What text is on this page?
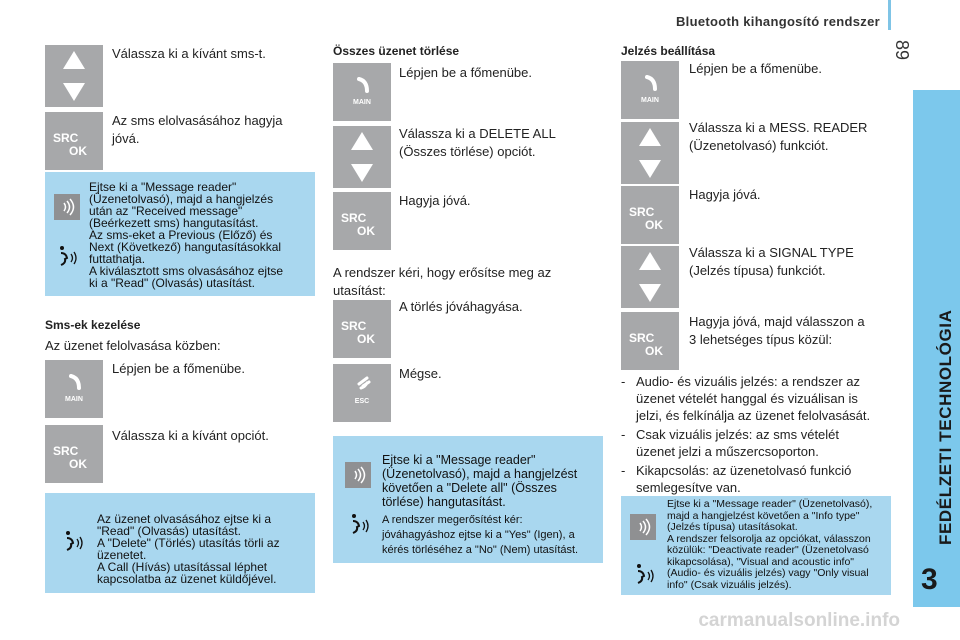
Bluetooth kihangosító rendszer
89
FEDÉLZETI TECHNOLÓGIA
3
Válassza ki a kívánt sms-t.
SRC
OK
Az sms elolvasásához hagyja
jóvá.
Ejtse ki a "Message reader"
(Üzenetolvasó), majd a hangjelzés
után az "Received message"
(Beérkezett sms) hangutasítást.
Az sms-eket a Previous (Előző) és
Next (Következő) hangutasításokkal
futtathatja.
A kiválasztott sms olvasásához ejtse
ki a "Read" (Olvasás) utasítást.
Sms-ek kezelése
Az üzenet felolvasása közben:
MAIN
Lépjen be a főmenübe.
SRC
OK
Válassza ki a kívánt opciót.
Az üzenet olvasásához ejtse ki a
"Read" (Olvasás) utasítást.
A "Delete" (Törlés) utasítás törli az
üzenetet.
A Call (Hívás) utasítással léphet
kapcsolatba az üzenet küldőjével.
Összes üzenet törlése
MAIN
Lépjen be a főmenübe.
Válassza ki a DELETE ALL
(Összes törlése) opciót.
SRC
OK
Hagyja jóvá.
A rendszer kéri, hogy erősítse meg az
utasítást:
SRC
OK
A törlés jóváhagyása.
ESC
Mégse.
Ejtse ki a "Message reader"
(Üzenetolvasó), majd a hangjelzést
követően a "Delete all" (Összes
törlése) hangutasítást.
A rendszer megerősítést kér:
jóváhagyáshoz ejtse ki a "Yes" (Igen), a
kérés törléséhez a "No" (Nem) utasítást.
Jelzés beállítása
MAIN
Lépjen be a főmenübe.
Válassza ki a MESS. READER
(Üzenetolvasó) funkciót.
SRC
OK
Hagyja jóvá.
Válassza ki a SIGNAL TYPE
(Jelzés típusa) funkciót.
SRC
OK
Hagyja jóvá, majd válasszon a
3 lehetséges típus közül:
- Audio- és vizuális jelzés: a rendszer az
üzenet vételét hanggal és vizuálisan is
jelzi, és felkínálja az üzenet felolvasását.
- Csak vizuális jelzés: az sms vételét
üzenet jelzi a műszercsoporton.
- Kikapcsolás: az üzenetolvasó funkció
semlegesítve van.
Ejtse ki a "Message reader" (Üzenetolvasó),
majd a hangjelzést követően a "Info type"
(Jelzés típusa) utasításokat.
A rendszer felsorolja az opciókat, válasszon
közülük: "Deactivate reader" (Üzenetolvasó
kikapcsolása), "Visual and acoustic info"
(Audio- és vizuális jelzés) vagy "Only visual
info" (Csak vizuális jelzés).
carmanualsonline.info
